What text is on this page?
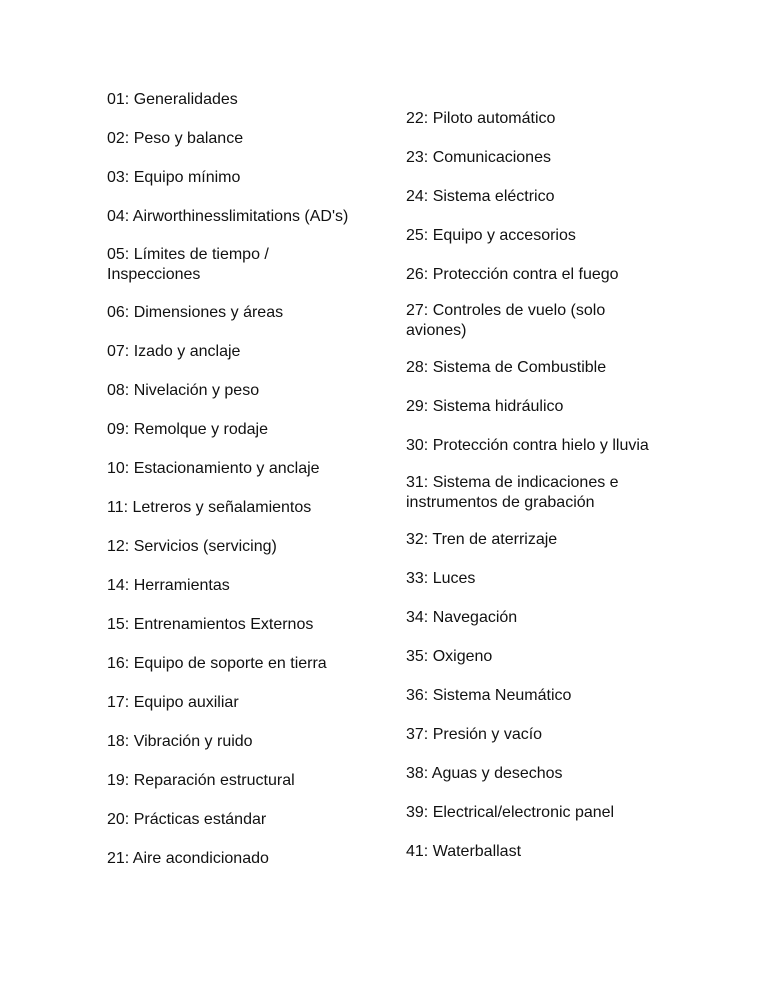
01: Generalidades
02: Peso y balance
03: Equipo mínimo
04: Airworthinesslimitations (AD's)
05: Límites de tiempo / Inspecciones
06: Dimensiones y áreas
07: Izado y anclaje
08: Nivelación y peso
09: Remolque y rodaje
10: Estacionamiento y anclaje
11: Letreros y señalamientos
12: Servicios (servicing)
14: Herramientas
15: Entrenamientos Externos
16: Equipo de soporte en tierra
17: Equipo auxiliar
18: Vibración y ruido
19: Reparación estructural
20: Prácticas estándar
21: Aire acondicionado
22: Piloto automático
23: Comunicaciones
24: Sistema eléctrico
25: Equipo y accesorios
26: Protección contra el fuego
27: Controles de vuelo (solo aviones)
28: Sistema de Combustible
29: Sistema hidráulico
30: Protección contra hielo y lluvia
31: Sistema de indicaciones e instrumentos de grabación
32: Tren de aterrizaje
33: Luces
34: Navegación
35: Oxigeno
36: Sistema Neumático
37: Presión y vacío
38: Aguas y desechos
39: Electrical/electronic panel
41: Waterballast
